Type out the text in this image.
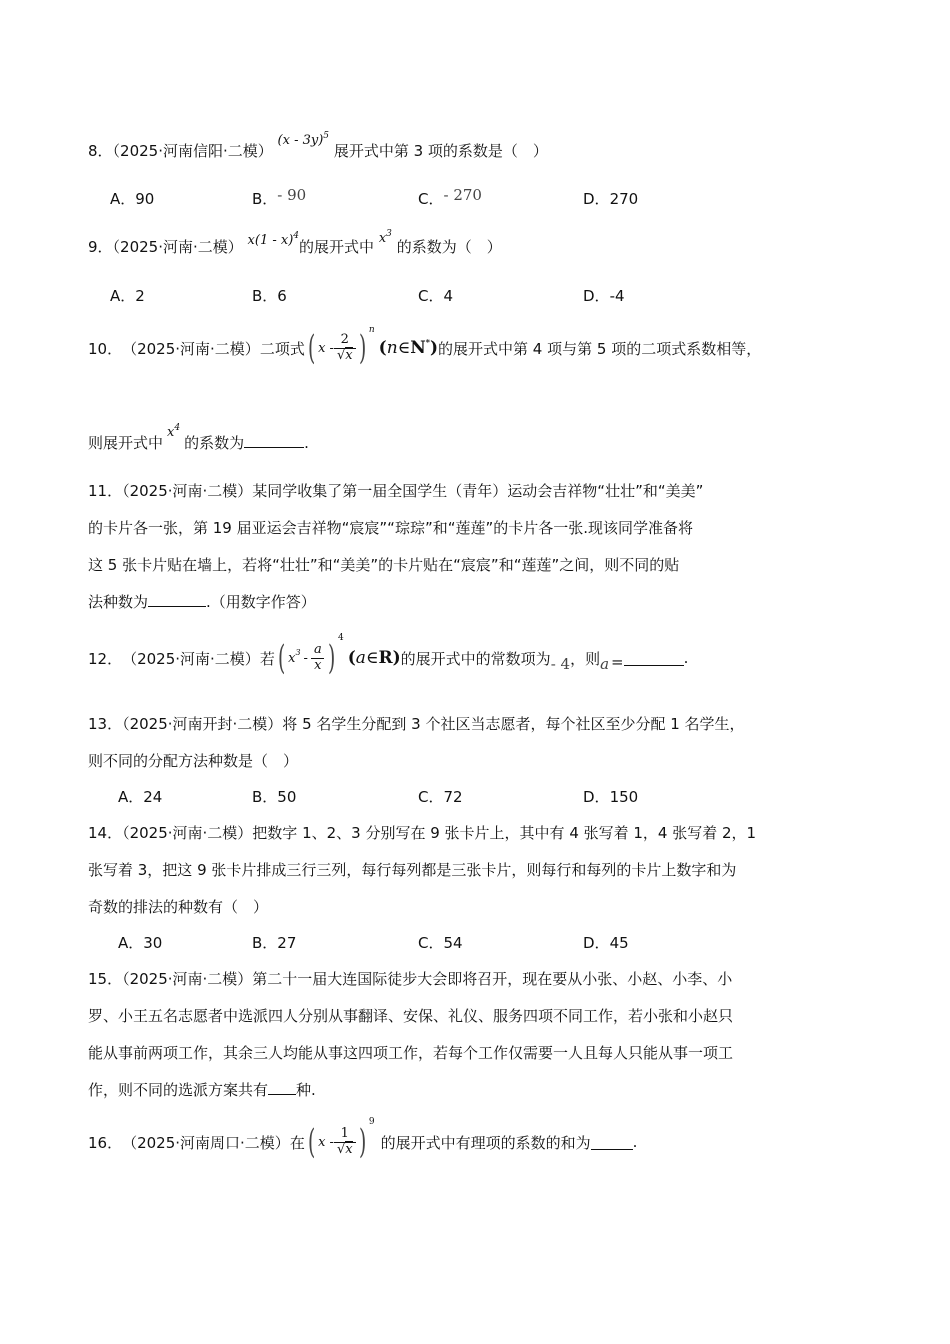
8．（2025·河南信阳·二模） (x - 3y)$^5$ 展开式中第 3 项的系数是（　）
A．90	B．- 90	C．- 270	D．270
9．（2025·河南·二模） x(1 - x)$^4$的展开式中 $x^3$ 的系数为（　）
A．2	B．6	C．4	D．-4
10． （2025·河南·二模） 二项式 ( x - $\frac{2}{√x}$ ) n
(n∈N*) 的展开式中第 4 项与第 5 项的二项式系数相等，
则展开式中$x^4$的系数为	.
11．（2025·河南·二模）某同学收集了第一届全国学生（青年）运动会吉祥物“壮壮”和“美美”
的卡片各一张，第 19 届亚运会吉祥物“宸宸”“琮琮”和“莲莲”的卡片各一张.现该同学准备将
这 5 张卡片贴在墙上，若将“壮壮”和“美美”的卡片贴在“宸宸”和“莲莲”之间，则不同的贴
法种数为	.（用数字作答）
12． （2025·河南·二模） 若 ( $x^3 - \frac{a}{x}$ ) 4
(a∈R) 的展开式中的常数项为 - 4 ，则 a =	.
13．（2025·河南开封·二模）将 5 名学生分配到 3 个社区当志愿者，每个社区至少分配 1 名学生，
则不同的分配方法种数是（　）
A．24	B．50	C．72	D．150
14．（2025·河南·二模）把数字 1、2、3 分别写在 9 张卡片上，其中有 4 张写着 1，4 张写着 2，1
张写着 3，把这 9 张卡片排成三行三列，每行每列都是三张卡片，则每行和每列的卡片上数字和为
奇数的排法的种数有（　）
A．30	B．27	C．54	D．45
15．（2025·河南·二模）第二十一届大连国际徒步大会即将召开，现在要从小张、小赵、小李、小
罗、小王五名志愿者中选派四人分别从事翻译、安保、礼仪、服务四项不同工作，若小张和小赵只
能从事前两项工作，其余三人均能从事这四项工作，若每个工作仅需要一人且每人只能从事一项工
作，则不同的选派方案共有 种.
16． （2025·河南周口·二模） 在 ( x - $\frac{1}{√x}$ ) 9
的展开式中有理项的系数的和为	.
